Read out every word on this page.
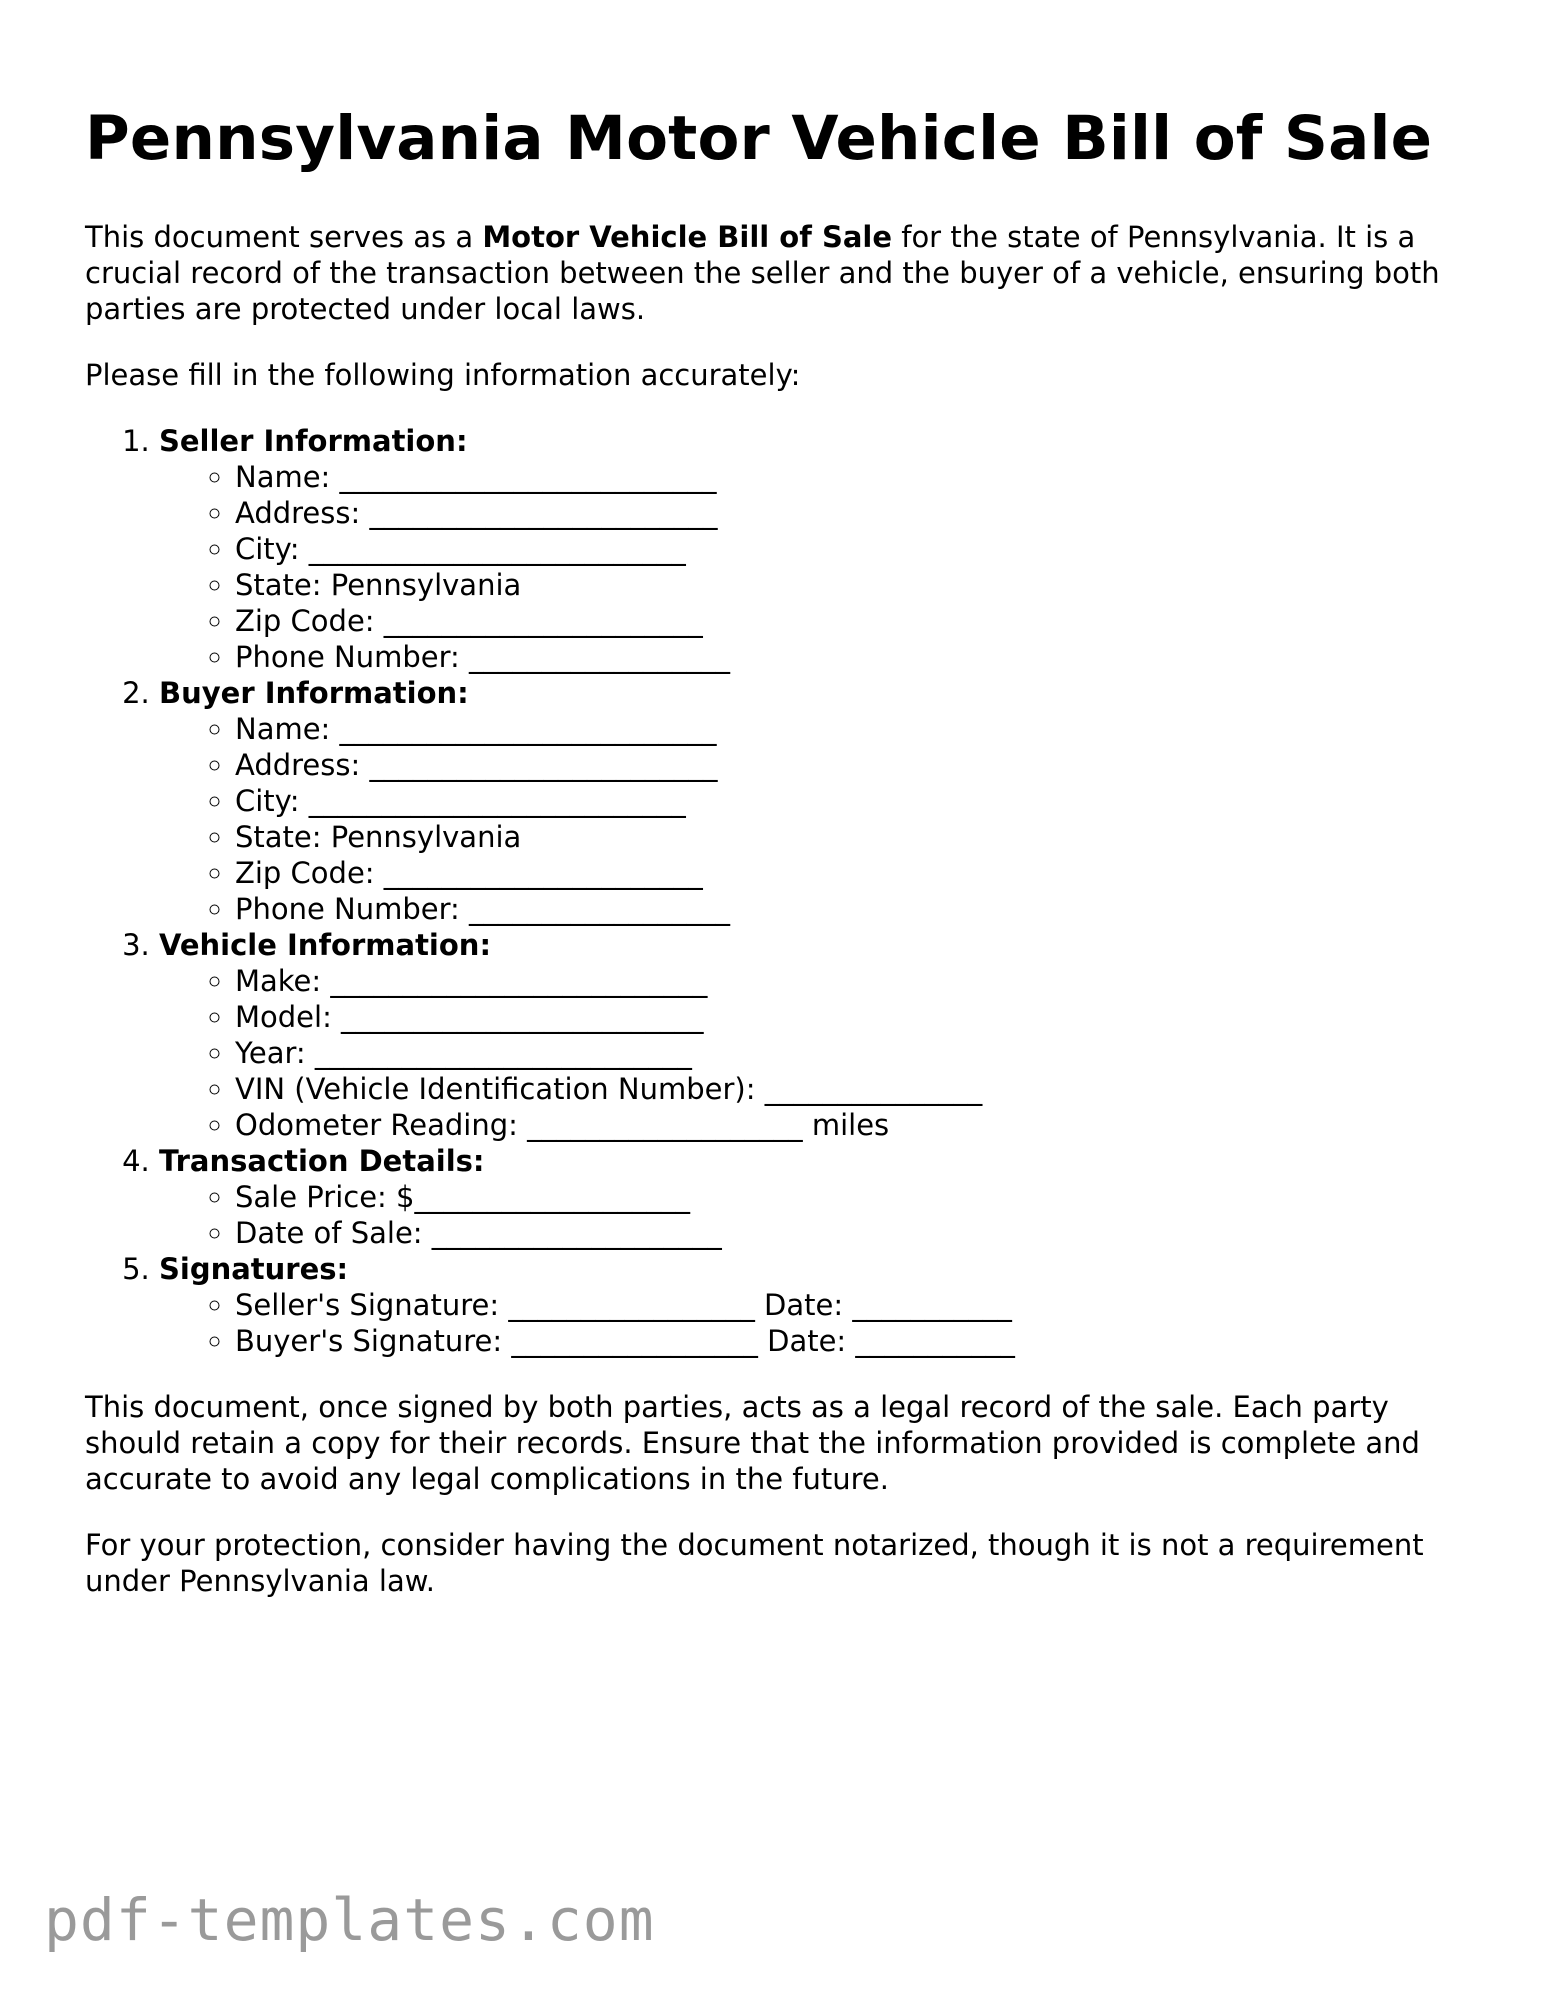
Pennsylvania Motor Vehicle Bill of Sale

This document serves as a Motor Vehicle Bill of Sale for the state of Pennsylvania. It is a crucial record of the transaction between the seller and the buyer of a vehicle, ensuring both parties are protected under local laws.

Please fill in the following information accurately:

1. Seller Information:
◦ Name: __________________________
◦ Address: ________________________
◦ City: __________________________
◦ State: Pennsylvania
◦ Zip Code: ______________________
◦ Phone Number: __________________
2. Buyer Information:
◦ Name: __________________________
◦ Address: ________________________
◦ City: __________________________
◦ State: Pennsylvania
◦ Zip Code: ______________________
◦ Phone Number: __________________
3. Vehicle Information:
◦ Make: __________________________
◦ Model: _________________________
◦ Year: __________________________
◦ VIN (Vehicle Identification Number): _______________
◦ Odometer Reading: ___________________ miles
4. Transaction Details:
◦ Sale Price: $___________________
◦ Date of Sale: ____________________
5. Signatures:
◦ Seller's Signature: _________________ Date: ___________
◦ Buyer's Signature: _________________ Date: ___________

This document, once signed by both parties, acts as a legal record of the sale. Each party should retain a copy for their records. Ensure that the information provided is complete and accurate to avoid any legal complications in the future.

For your protection, consider having the document notarized, though it is not a requirement under Pennsylvania law.

pdf-templates.com
